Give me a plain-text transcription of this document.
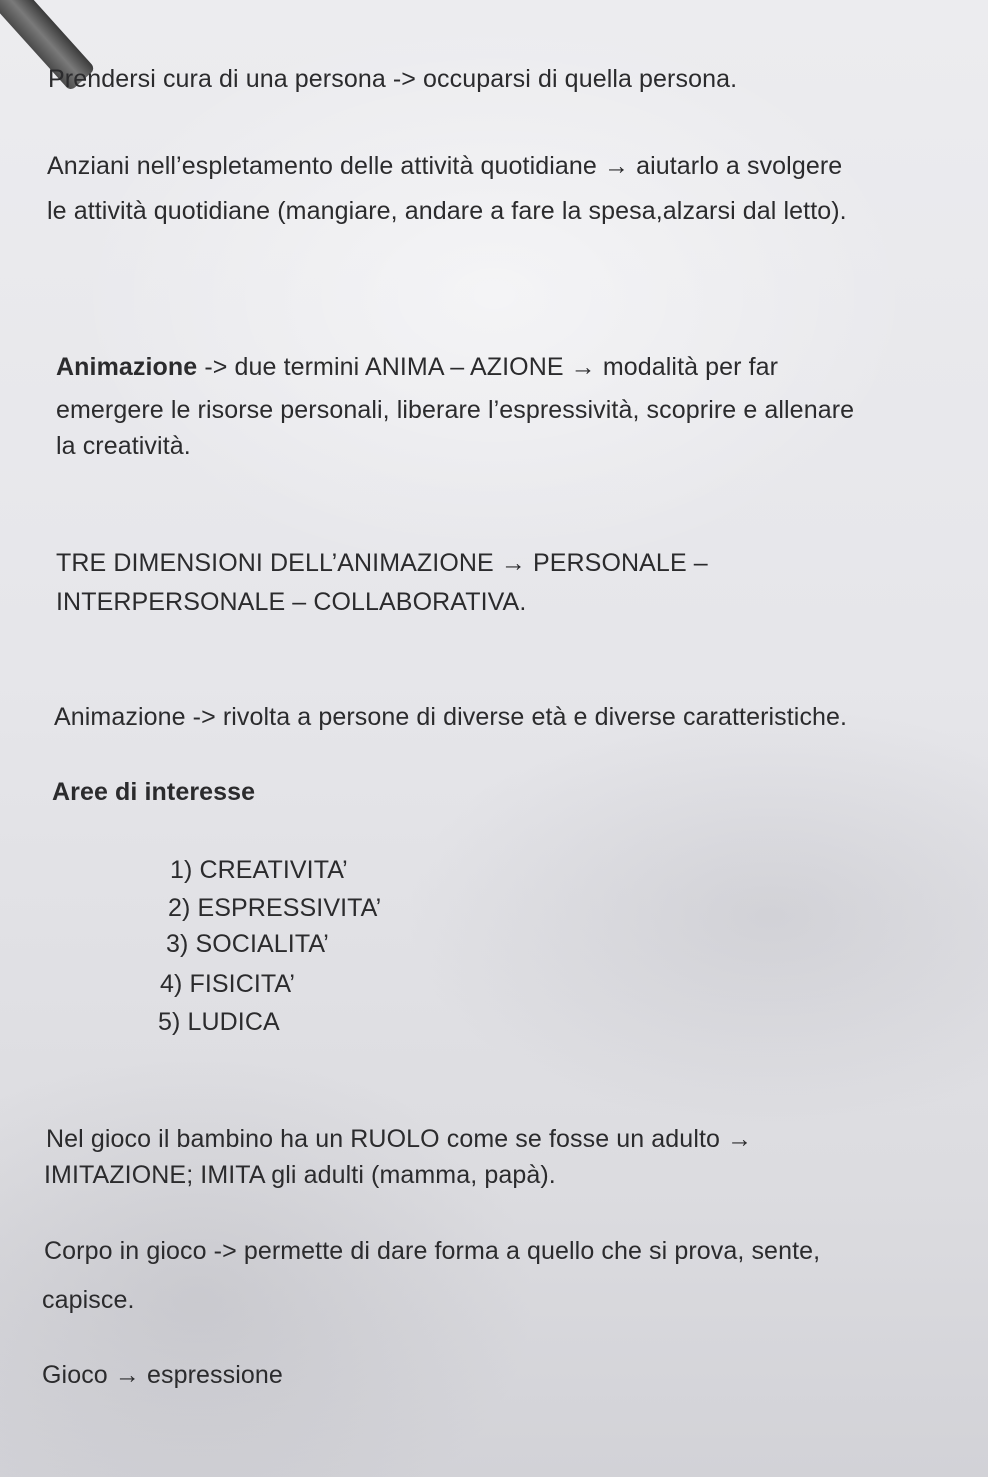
Prendersi cura di una persona -> occuparsi di quella persona.
Anziani nell’espletamento delle attività quotidiane → aiutarlo a svolgere
le attività quotidiane (mangiare, andare a fare la spesa,alzarsi dal letto).
Animazione -> due termini ANIMA – AZIONE → modalità per far
emergere le risorse personali, liberare l’espressività, scoprire e allenare
la creatività.
TRE DIMENSIONI DELL’ANIMAZIONE → PERSONALE –
INTERPERSONALE – COLLABORATIVA.
Animazione -> rivolta a persone di diverse età e diverse caratteristiche.
Aree di interesse
1) CREATIVITA’
2) ESPRESSIVITA’
3) SOCIALITA’
4) FISICITA’
5) LUDICA
Nel gioco il bambino ha un RUOLO come se fosse un adulto →
IMITAZIONE; IMITA gli adulti (mamma, papà).
Corpo in gioco -> permette di dare forma a quello che si prova, sente,
capisce.
Gioco → espressione
